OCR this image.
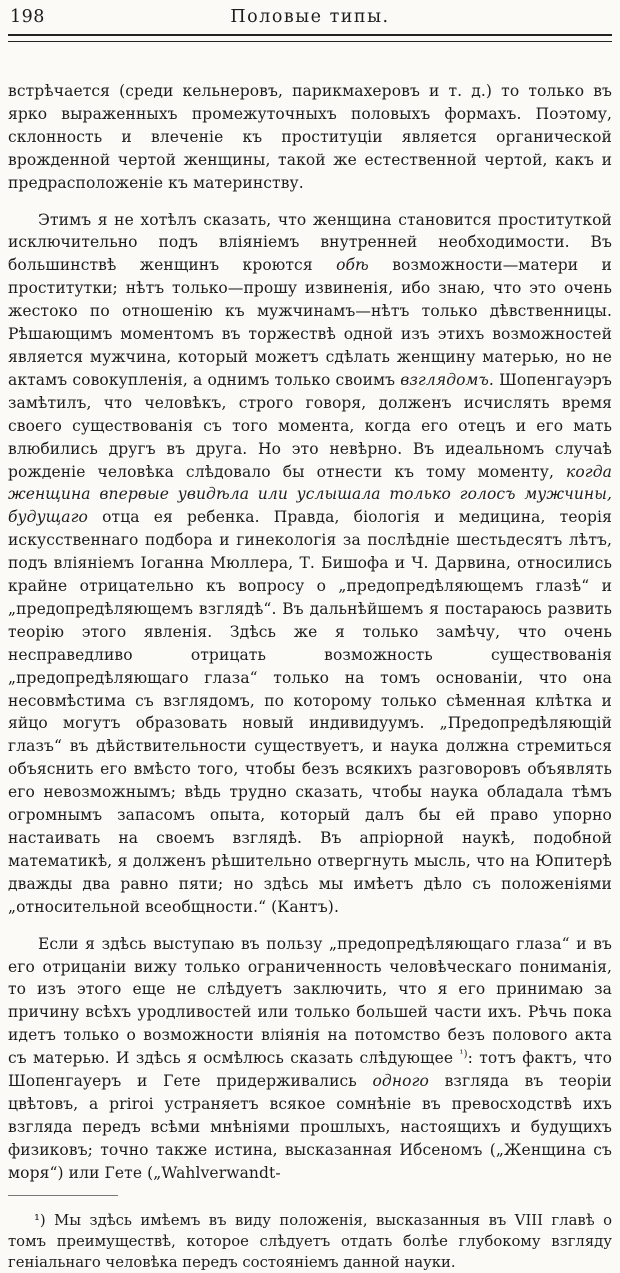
198	Половые типы.

встрѣчается (среди кельнеровъ, парикмахеровъ и т. д.) то только въ ярко выраженныхъ промежуточныхъ половыхъ формахъ. Поэтому, склонность и влеченіе къ проституціи является органической врожденной чертой женщины, такой же естественной чертой, какъ и предрасположеніе къ материнству.

Этимъ я не хотѣлъ сказать, что женщина становится проституткой исключительно подъ вліяніемъ внутренней необходимости. Въ большинствѣ женщинъ кроются обѣ возможности—матери и проститутки; нѣтъ только—прошу извиненія, ибо знаю, что это очень жестоко по отношенію къ мужчинамъ—нѣтъ только дѣвственницы. Рѣшающимъ моментомъ въ торжествѣ одной изъ этихъ возможностей является мужчина, который можетъ сдѣлать женщину матерью, но не актамъ совокупленія, а однимъ только своимъ взглядомъ. Шопенгауэръ замѣтилъ, что человѣкъ, строго говоря, долженъ исчислять время своего существованія съ того момента, когда его отецъ и его мать влюбились другъ въ друга. Но это невѣрно. Въ идеальномъ случаѣ рожденіе человѣка слѣдовало бы отнести къ тому моменту, когда женщина впервые увидѣла или услышала только голосъ мужчины, будущаго отца ея ребенка. Правда, біологія и медицина, теорія искусственнаго подбора и гинекологія за послѣдніе шестьдесятъ лѣтъ, подъ вліяніемъ Іоганна Мюллера, Т. Бишофа и Ч. Дарвина, относились крайне отрицательно къ вопросу о „предопредѣляющемъ глазѣ“ и „предопредѣляющемъ взглядѣ“. Въ дальнѣйшемъ я постараюсь развить теорію этого явленія. Здѣсь же я только замѣчу, что очень несправедливо отрицать возможность существованія „предопредѣляющаго глаза“ только на томъ основаніи, что она несовмѣстима съ взглядомъ, по которому только сѣменная клѣтка и яйцо могутъ образовать новый индивидуумъ. „Предопредѣляющій глазъ“ въ дѣйствительности существуетъ, и наука должна стремиться объяснить его вмѣсто того, чтобы безъ всякихъ разговоровъ объявлять его невозможнымъ; вѣдь трудно сказать, чтобы наука обладала тѣмъ огромнымъ запасомъ опыта, который далъ бы ей право упорно настаивать на своемъ взглядѣ. Въ апріорной наукѣ, подобной математикѣ, я долженъ рѣшительно отвергнуть мысль, что на Юпитерѣ дважды два равно пяти; но здѣсь мы имѣетъ дѣло съ положеніями „относительной всеобщности.“ (Кантъ).

Если я здѣсь выступаю въ пользу „предопредѣляющаго глаза“ и въ его отрицаніи вижу только ограниченность человѣческаго пониманія, то изъ этого еще не слѣдуетъ заключить, что я его принимаю за причину всѣхъ уродливостей или только большей части ихъ. Рѣчь пока идетъ только о возможности вліянія на потомство безъ полового акта съ матерью. И здѣсь я осмѣлюсь сказать слѣдующее $^{^1)}$: тотъ фактъ, что Шопенгауеръ и Гете придерживались одного взгляда въ теоріи цвѣтовъ, а priroi устраняетъ всякое сомнѣніе въ превосходствѣ ихъ взгляда передъ всѣми мнѣніями прошлыхъ, настоящихъ и будущихъ физиковъ; точно также истина, высказанная Ибсеномъ („Женщина съ моря“) или Гете („Wahlverwandt-

¹) Мы здѣсь имѣемъ въ виду положенія, высказанныя въ VIII главѣ о томъ преимуществѣ, которое слѣдуетъ отдать болѣе глубокому взгляду геніальнаго человѣка передъ состояніемъ данной науки.
